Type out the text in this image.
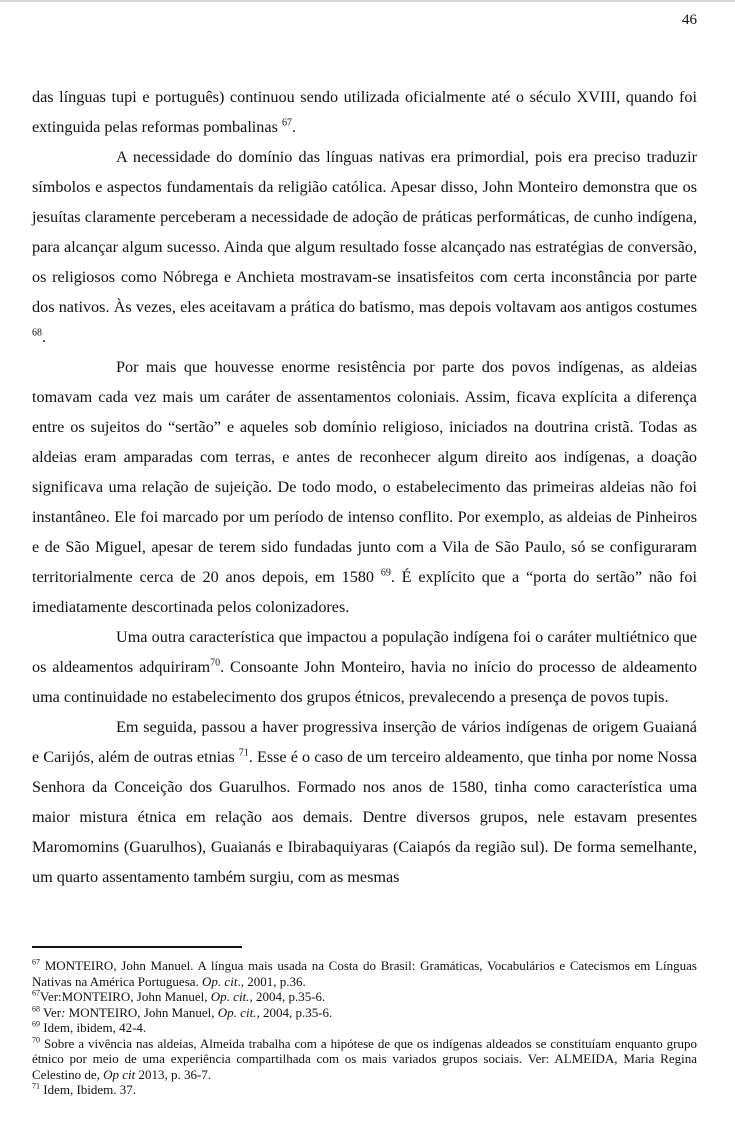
46

das línguas tupi e português) continuou sendo utilizada oficialmente até o século XVIII, quando foi extinguida pelas reformas pombalinas $^{67}$.

A necessidade do domínio das línguas nativas era primordial, pois era preciso traduzir símbolos e aspectos fundamentais da religião católica. Apesar disso, John Monteiro demonstra que os jesuítas claramente perceberam a necessidade de adoção de práticas performáticas, de cunho indígena, para alcançar algum sucesso. Ainda que algum resultado fosse alcançado nas estratégias de conversão, os religiosos como Nóbrega e Anchieta mostravam-se insatisfeitos com certa inconstância por parte dos nativos. Às vezes, eles aceitavam a prática do batismo, mas depois voltavam aos antigos costumes $^{68}$.

Por mais que houvesse enorme resistência por parte dos povos indígenas, as aldeias tomavam cada vez mais um caráter de assentamentos coloniais. Assim, ficava explícita a diferença entre os sujeitos do “sertão” e aqueles sob domínio religioso, iniciados na doutrina cristã. Todas as aldeias eram amparadas com terras, e antes de reconhecer algum direito aos indígenas, a doação significava uma relação de sujeição. De todo modo, o estabelecimento das primeiras aldeias não foi instantâneo. Ele foi marcado por um período de intenso conflito. Por exemplo, as aldeias de Pinheiros e de São Miguel, apesar de terem sido fundadas junto com a Vila de São Paulo, só se configuraram territorialmente cerca de 20 anos depois, em 1580 $^{69}$. É explícito que a “porta do sertão” não foi imediatamente descortinada pelos colonizadores.

Uma outra característica que impactou a população indígena foi o caráter multiétnico que os aldeamentos adquiriram$^{70}$. Consoante John Monteiro, havia no início do processo de aldeamento uma continuidade no estabelecimento dos grupos étnicos, prevalecendo a presença de povos tupis.

Em seguida, passou a haver progressiva inserção de vários indígenas de origem Guaianá e Carijós, além de outras etnias $^{71}$. Esse é o caso de um terceiro aldeamento, que tinha por nome Nossa Senhora da Conceição dos Guarulhos. Formado nos anos de 1580, tinha como característica uma maior mistura étnica em relação aos demais. Dentre diversos grupos, nele estavam presentes Maromomins (Guarulhos), Guaianás e Ibirabaquiyaras (Caiapós da região sul). De forma semelhante, um quarto assentamento também surgiu, com as mesmas

$^{67}$ MONTEIRO, John Manuel. A língua mais usada na Costa do Brasil: Gramáticas, Vocabulários e Catecismos em Línguas Nativas na América Portuguesa. Op. cit., 2001, p.36.

$^{67}$Ver:MONTEIRO, John Manuel, Op. cit., 2004, p.35-6.

$^{68}$ Ver: MONTEIRO, John Manuel, Op. cit., 2004, p.35-6.

$^{69}$ Idem, ibidem, 42-4.

$^{70}$ Sobre a vivência nas aldeias, Almeida trabalha com a hipótese de que os indígenas aldeados se constituíam enquanto grupo étnico por meio de uma experiência compartilhada com os mais variados grupos sociais. Ver: ALMEIDA, Maria Regina Celestino de, Op cit 2013, p. 36-7.

$^{71}$ Idem, Ibidem. 37.
